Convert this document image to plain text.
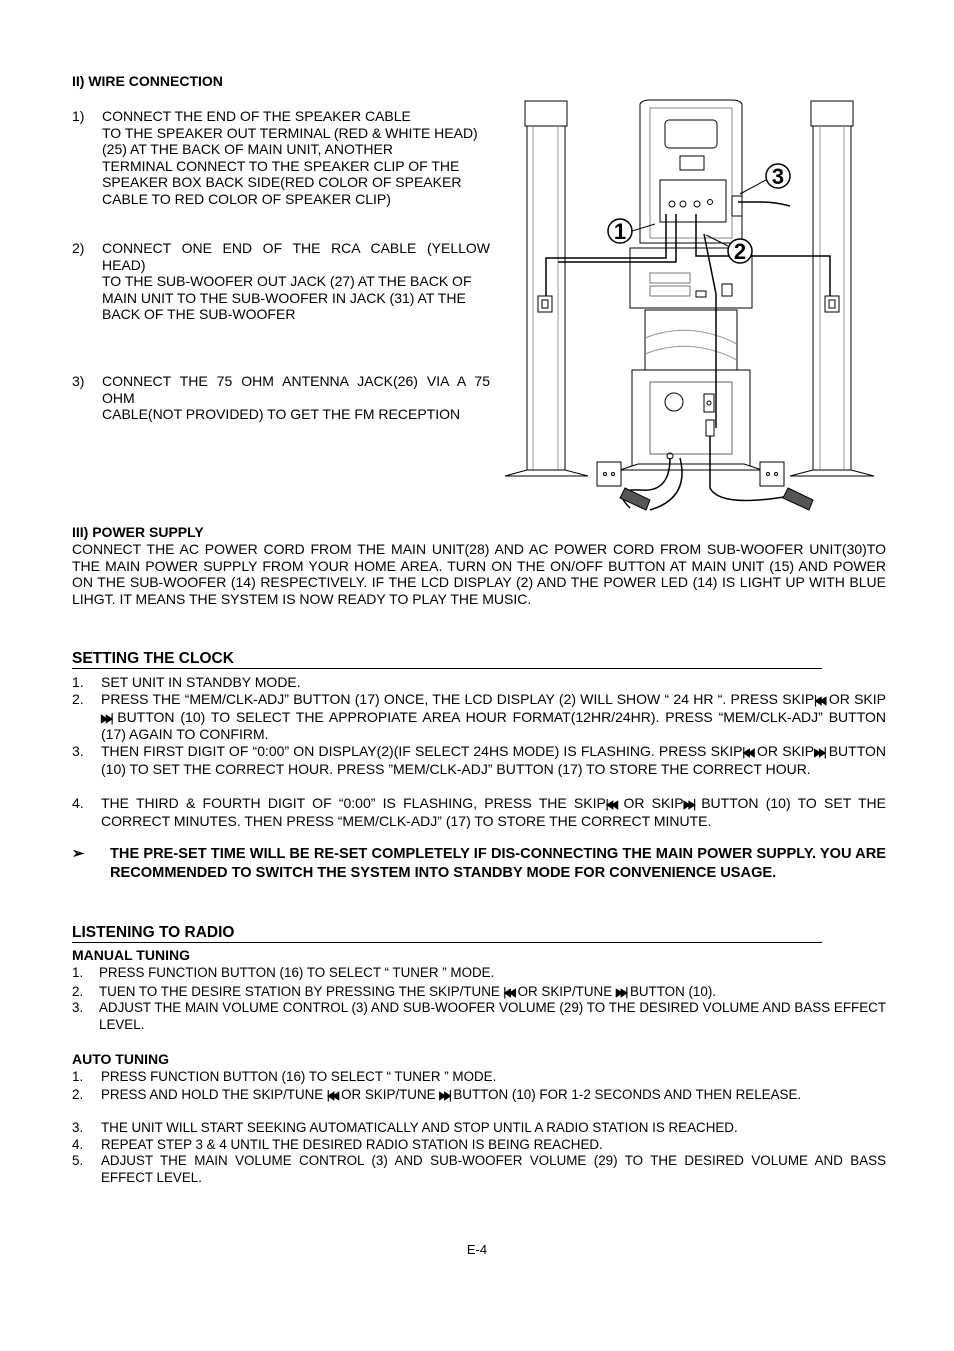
II) WIRE CONNECTION
1) CONNECT THE END OF THE SPEAKER CABLE
TO THE SPEAKER OUT TERMINAL (RED & WHITE HEAD)
(25) AT THE BACK OF MAIN UNIT, ANOTHER
TERMINAL CONNECT TO THE SPEAKER CLIP OF THE
SPEAKER BOX BACK SIDE(RED COLOR OF SPEAKER
CABLE TO RED COLOR OF SPEAKER CLIP)
2) CONNECT ONE END OF THE RCA CABLE (YELLOW
HEAD)
TO THE SUB-WOOFER OUT JACK (27) AT THE BACK OF
MAIN UNIT TO THE SUB-WOOFER IN JACK (31) AT THE
BACK OF THE SUB-WOOFER
3) CONNECT THE 75 OHM ANTENNA JACK(26) VIA A 75
OHM
CABLE(NOT PROVIDED) TO GET THE FM RECEPTION
1
2
3
III) POWER SUPPLY
CONNECT THE AC POWER CORD FROM THE MAIN UNIT(28) AND AC POWER CORD FROM SUB-WOOFER UNIT(30)TO THE MAIN POWER SUPPLY FROM YOUR HOME AREA. TURN ON THE ON/OFF BUTTON AT MAIN UNIT (15) AND POWER ON THE SUB-WOOFER (14) RESPECTIVELY. IF THE LCD DISPLAY (2) AND THE POWER LED (14) IS LIGHT UP WITH BLUE LIHGT. IT MEANS THE SYSTEM IS NOW READY TO PLAY THE MUSIC.
SETTING THE CLOCK
1. SET UNIT IN STANDBY MODE.
2. PRESS THE “MEM/CLK-ADJ” BUTTON (17) ONCE, THE LCD DISPLAY (2) WILL SHOW “ 24 HR “. PRESS SKIP|◀◀ OR SKIP▶▶| BUTTON (10) TO SELECT THE APPROPIATE AREA HOUR FORMAT(12HR/24HR). PRESS “MEM/CLK-ADJ” BUTTON (17) AGAIN TO CONFIRM.
3. THEN FIRST DIGIT OF “0:00” ON DISPLAY(2)(IF SELECT 24HS MODE) IS FLASHING. PRESS SKIP|◀◀ OR SKIP▶▶| BUTTON (10) TO SET THE CORRECT HOUR. PRESS ”MEM/CLK-ADJ” BUTTON (17) TO STORE THE CORRECT HOUR.
4. THE THIRD & FOURTH DIGIT OF “0:00” IS FLASHING, PRESS THE SKIP|◀◀ OR SKIP▶▶| BUTTON (10) TO SET THE CORRECT MINUTES. THEN PRESS “MEM/CLK-ADJ” (17) TO STORE THE CORRECT MINUTE.
➢ THE PRE-SET TIME WILL BE RE-SET COMPLETELY IF DIS-CONNECTING THE MAIN POWER SUPPLY. YOU ARE RECOMMENDED TO SWITCH THE SYSTEM INTO STANDBY MODE FOR CONVENIENCE USAGE.
LISTENING TO RADIO
MANUAL TUNING
1. PRESS FUNCTION BUTTON (16) TO SELECT “ TUNER ” MODE.
2. TUEN TO THE DESIRE STATION BY PRESSING THE SKIP/TUNE |◀◀ OR SKIP/TUNE ▶▶| BUTTON (10).
3. ADJUST THE MAIN VOLUME CONTROL (3) AND SUB-WOOFER VOLUME (29) TO THE DESIRED VOLUME AND BASS EFFECT LEVEL.
AUTO TUNING
1. PRESS FUNCTION BUTTON (16) TO SELECT “ TUNER ” MODE.
2. PRESS AND HOLD THE SKIP/TUNE |◀◀ OR SKIP/TUNE ▶▶| BUTTON (10) FOR 1-2 SECONDS AND THEN RELEASE.
3. THE UNIT WILL START SEEKING AUTOMATICALLY AND STOP UNTIL A RADIO STATION IS REACHED.
4. REPEAT STEP 3 & 4 UNTIL THE DESIRED RADIO STATION IS BEING REACHED.
5. ADJUST THE MAIN VOLUME CONTROL (3) AND SUB-WOOFER VOLUME (29) TO THE DESIRED VOLUME AND BASS EFFECT LEVEL.
E-4
